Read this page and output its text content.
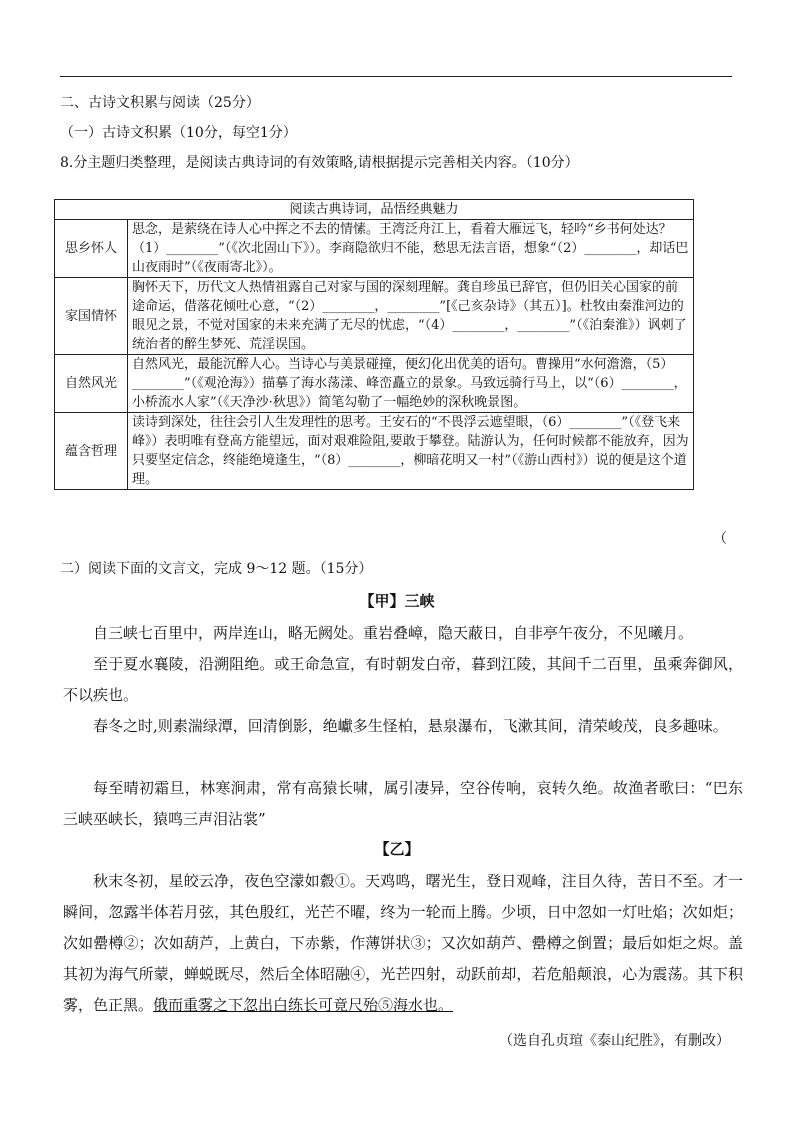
二、古诗文积累与阅读（25分）
（一）古诗文积累（10分，每空1分）
8.分主题归类整理，是阅读古典诗词的有效策略,请根据提示完善相关内容。（10分）
阅读古典诗词，品悟经典魅力	
思乡怀人	思念，是萦绕在诗人心中挥之不去的情愫。王湾泛舟江上，看着大雁远飞，轻吟“乡书何处达？（1）________”（《次北固山下》）。李商隐欲归不能，愁思无法言语，想象“（2）________，却话巴山夜雨时”（《夜雨寄北》）。
家国情怀	胸怀天下，历代文人热情祖露自己对家与国的深刻理解。龚自珍虽已辞官，但仍旧关心国家的前途命运，借落花倾吐心意，“（2）________，________”[《己亥杂诗》（其五）]。杜牧由秦淮河边的眼见之景，不觉对国家的未来充满了无尽的忧虑，“（4）________，________”（《泊秦淮》）讽刺了统治者的醉生梦死、荒淫误国。
自然风光	自然风光，最能沉醉人心。当诗心与美景碰撞，便幻化出优美的语句。曹操用“水何澹澹，（5）________”（《观沧海》）描摹了海水荡漾、峰峦矗立的景象。马致远骑行马上，以“（6）________，小桥流水人家”（《天净沙·秋思》）简笔勾勒了一幅绝妙的深秋晚景图。
蕴含哲理	读诗到深处，往往会引人生发理性的思考。王安石的“不畏浮云遮望眼，（6）________”（《登飞来峰》）表明唯有登高方能望远，面对艰难险阻,要敢于攀登。陆游认为，任何时候都不能放弃，因为只要坚定信念，终能绝境逢生，“（8）________，柳暗花明又一村”（《游山西村》）说的便是这个道理。
（
二）阅读下面的文言文，完成 9～12 题。（15分）
【甲】三峡
自三峡七百里中，两岸连山，略无阙处。重岩叠嶂，隐天蔽日，自非亭午夜分，不见曦月。
至于夏水襄陵，沿溯阻绝。或王命急宣，有时朝发白帝，暮到江陵，其间千二百里，虽乘奔御风，不以疾也。
春冬之时,则素湍绿潭，回清倒影，绝巘多生怪柏，悬泉瀑布，飞漱其间，清荣峻茂，良多趣味。
每至晴初霜旦，林寒涧肃，常有高猿长啸，属引凄异，空谷传响，哀转久绝。故渔者歌曰：“巴东三峡巫峡长，猿鸣三声泪沾裳”
【乙】
秋末冬初，星皎云净，夜色空濛如縠①。天鸡鸣，曙光生，登日观峰，注目久待，苦日不至。才一瞬间，忽露半体若月弦，其色殷红，光芒不曜，终为一轮而上腾。少顷，日中忽如一灯吐焰；次如炬；次如罍樽②；次如葫芦，上黄白，下赤紫，作薄饼状③；又次如葫芦、罍樽之倒置；最后如炬之烬。盖其初为海气所蒙，蝉蜕既尽，然后全体昭融④，光芒四射，动跃前却，若危船颠浪，心为震荡。其下积雾，色正黑。俄而重雾之下忽出白练长可竟尺殆⑤海水也。
（选自孔贞瑄《泰山纪胜》，有删改）
